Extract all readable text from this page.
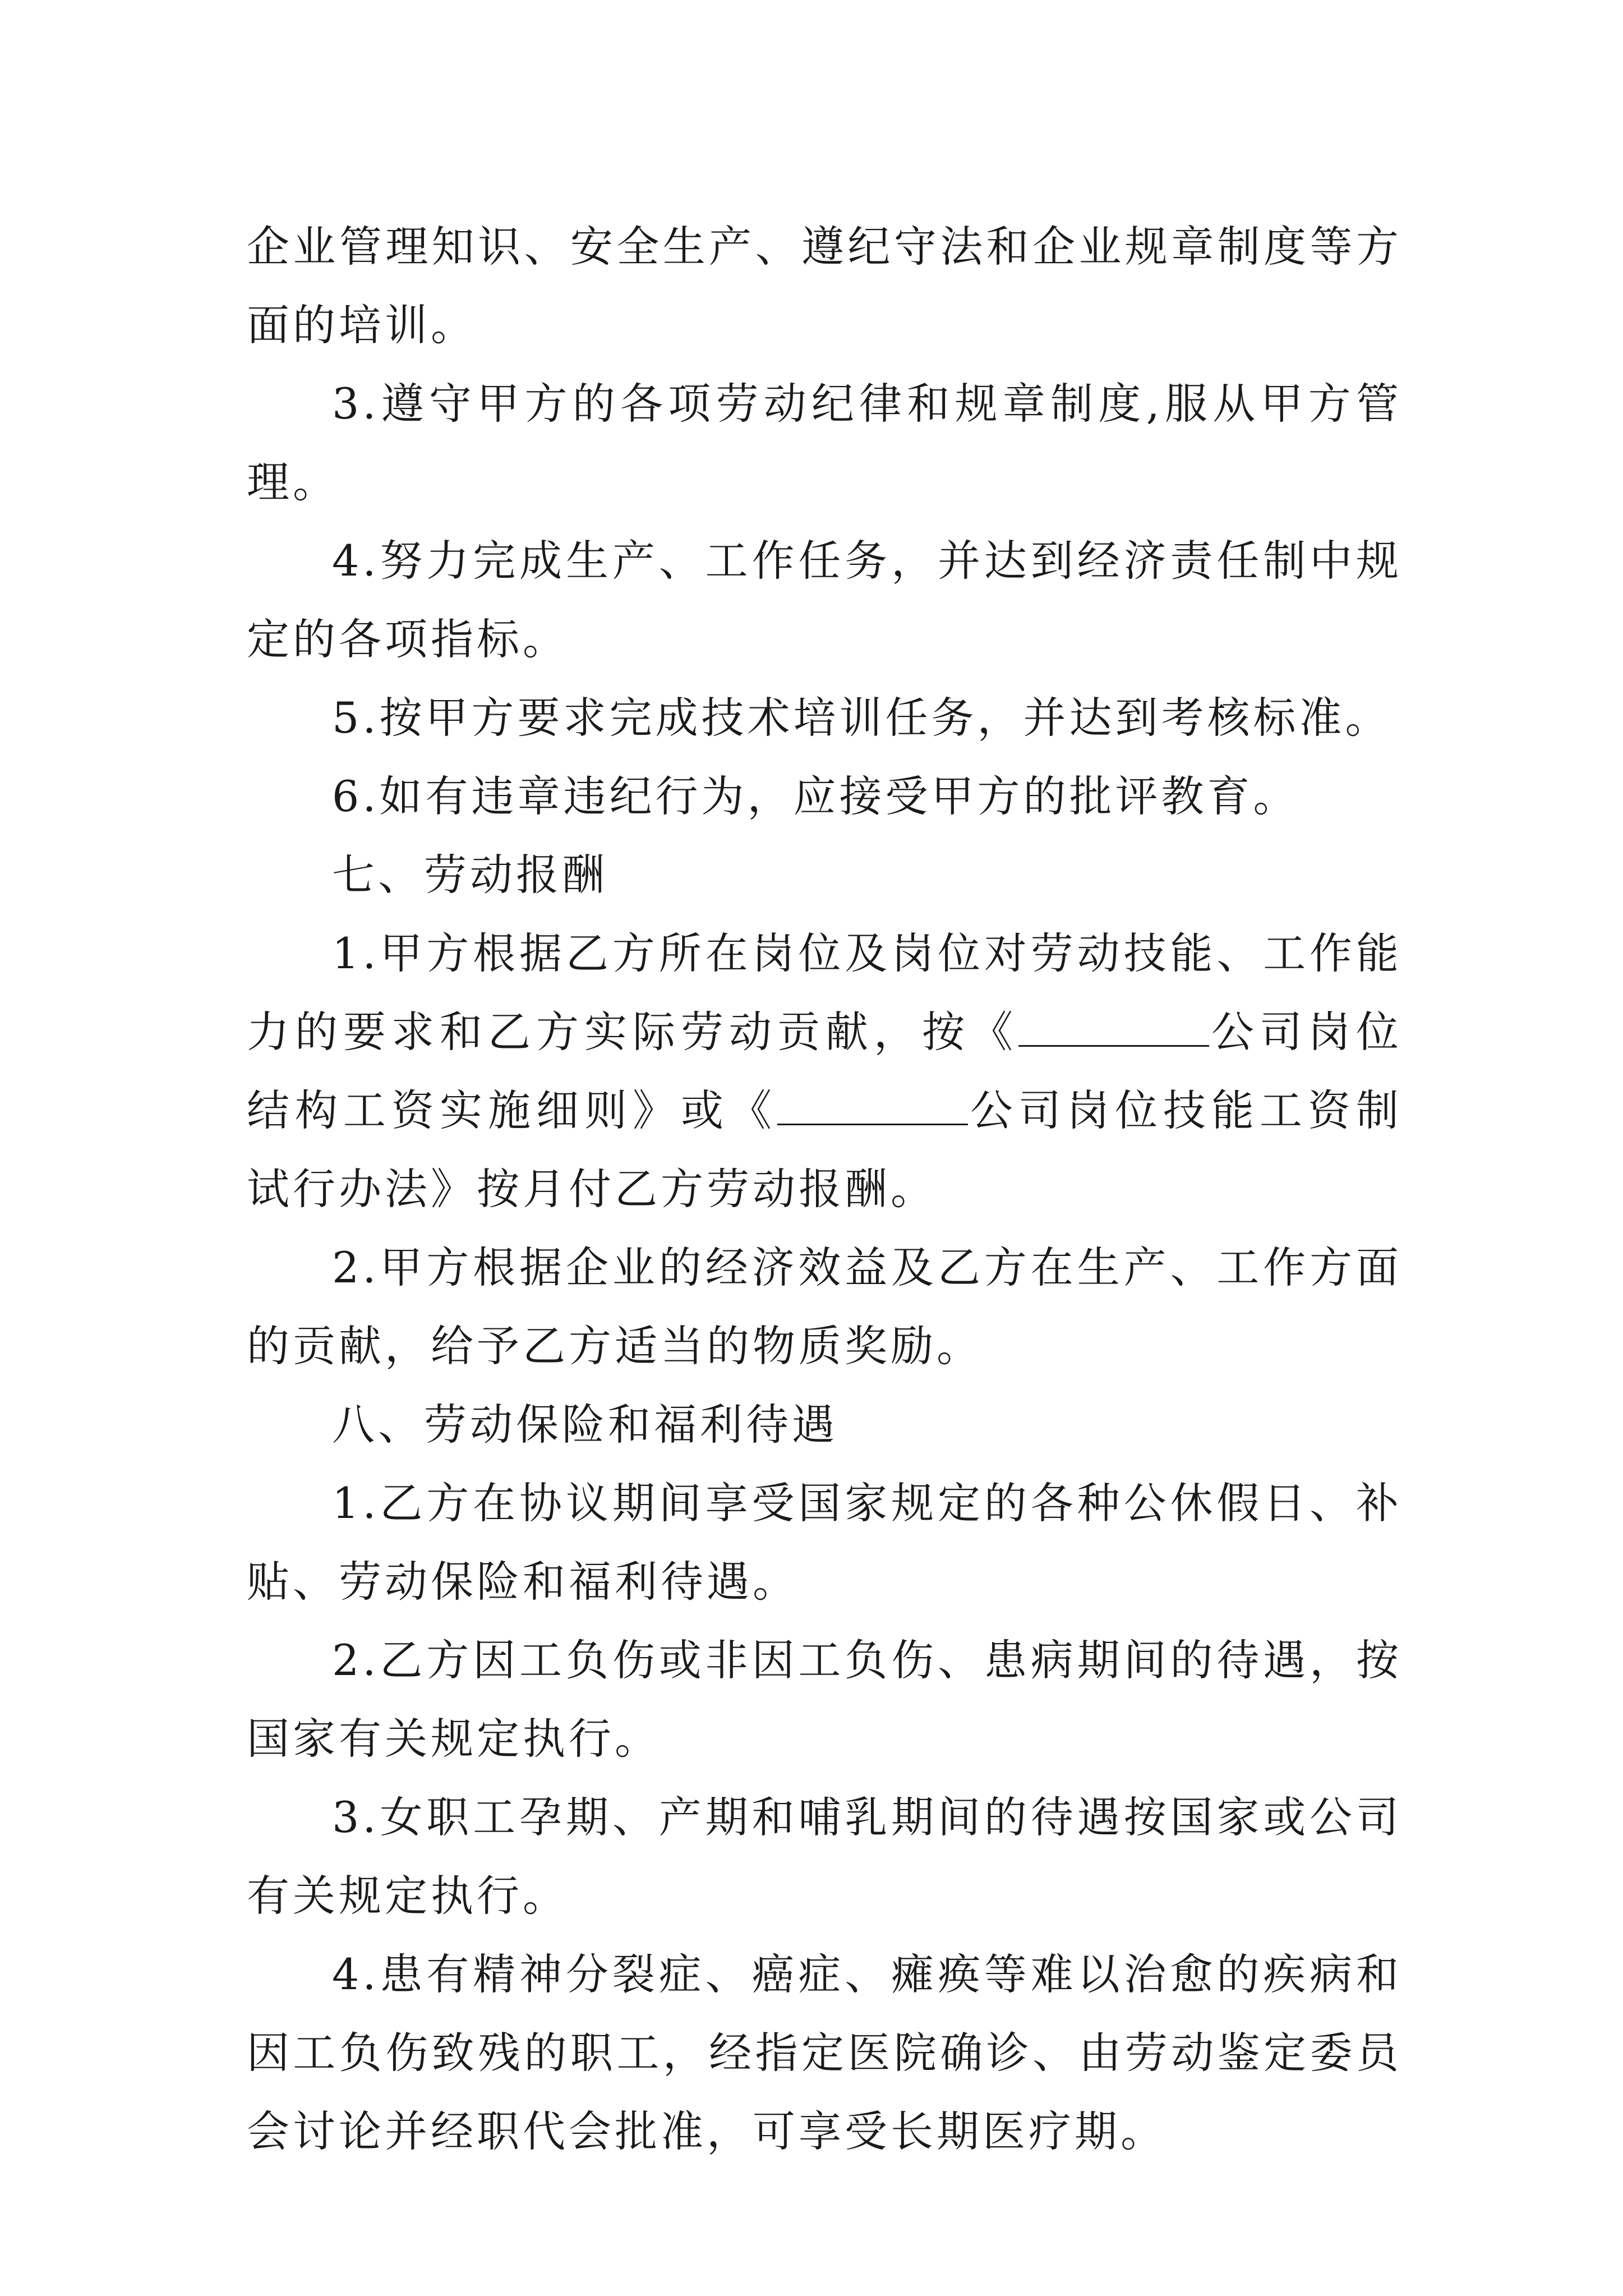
企业管理知识、安全生产、遵纪守法和企业规章制度等方面的培训。

3.遵守甲方的各项劳动纪律和规章制度,服从甲方管理。

4.努力完成生产、工作任务，并达到经济责任制中规定的各项指标。

5.按甲方要求完成技术培训任务，并达到考核标准。

6.如有违章违纪行为，应接受甲方的批评教育。

七、劳动报酬

1.甲方根据乙方所在岗位及岗位对劳动技能、工作能力的要求和乙方实际劳动贡献，按《	公司岗位结构工资实施细则》或《	公司岗位技能工资制试行办法》按月付乙方劳动报酬。

2.甲方根据企业的经济效益及乙方在生产、工作方面的贡献，给予乙方适当的物质奖励。

八、劳动保险和福利待遇

1.乙方在协议期间享受国家规定的各种公休假日、补贴、劳动保险和福利待遇。

2.乙方因工负伤或非因工负伤、患病期间的待遇，按国家有关规定执行。

3.女职工孕期、产期和哺乳期间的待遇按国家或公司有关规定执行。

4.患有精神分裂症、癌症、瘫痪等难以治愈的疾病和因工负伤致残的职工，经指定医院确诊、由劳动鉴定委员会讨论并经职代会批准，可享受长期医疗期。
